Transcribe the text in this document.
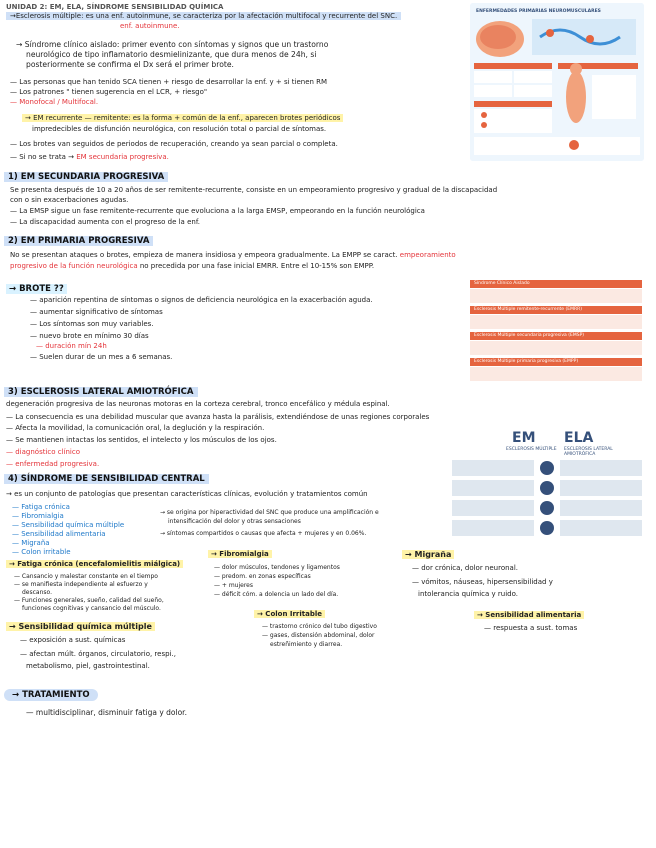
UNIDAD 2: EM, ELA, SÍNDROME SENSIBILIDAD QUÍMICA
→Esclerosis múltiple: es una enf. autoinmune, se caracteriza por la afectación multifocal y recurrente del SNC.
enf. autoinmune.
→ Síndrome clínico aislado: primer evento con síntomas y signos que un trastorno
neurológico de tipo inflamatorio desmielinizante, que dura menos de 24h, si
posteriormente se confirma el Dx será el primer brote.
— Las personas que han tenido SCA tienen + riesgo de desarrollar la enf. y + si tienen RM
— Los patrones " tienen sugerencia en el LCR, + riesgo"
— Monofocal / Multifocal.
→ EM recurrente — remitente: es la forma + común de la enf., aparecen brotes periódicos
impredecibles de disfunción neurológica, con resolución total o parcial de síntomas.
— Los brotes van seguidos de periodos de recuperación, creando ya sean parcial o completa.
— Si no se trata → EM secundaria progresiva.
1) EM SECUNDARIA PROGRESIVA
Se presenta después de 10 a 20 años de ser remitente-recurrente, consiste en un empeoramiento progresivo y gradual de la discapacidad
con o sin exacerbaciones agudas.
— La EMSP sigue un fase remitente-recurrente que evoluciona a la larga EMSP, empeorando en la función neurológica
— La discapacidad aumenta con el progreso de la enf.
2) EM PRIMARIA PROGRESIVA
No se presentan ataques o brotes, empieza de manera insidiosa y empeora gradualmente. La EMPP se caract. empeoramiento
progresivo de la función neurológica no precedida por una fase inicial EMRR. Entre el 10-15% son EMPP.
→ BROTE ??
— aparición repentina de síntomas o signos de deficiencia neurológica en la exacerbación aguda.
— aumentar significativo de síntomas
— Los síntomas son muy variables.
— nuevo brote en mínimo 30 días
— duración mín 24h
— Suelen durar de un mes a 6 semanas.
3) ESCLEROSIS LATERAL AMIOTRÓFICA
degeneración progresiva de las neuronas motoras en la corteza cerebral, tronco encefálico y médula espinal.
— La consecuencia es una debilidad muscular que avanza hasta la parálisis, extendiéndose de unas regiones corporales
— Afecta la movilidad, la comunicación oral, la deglución y la respiración.
— Se mantienen intactas los sentidos, el intelecto y los músculos de los ojos.
— diagnóstico clínico
— enfermedad progresiva.
4) SÍNDROME DE SENSIBILIDAD CENTRAL
→ es un conjunto de patologías que presentan características clínicas, evolución y tratamientos común
— Fatiga crónica
— Fibromialgia
— Sensibilidad química múltiple
— Sensibilidad alimentaria
— Migraña
— Colon irritable
→ se origina por hiperactividad del SNC que produce una amplificación e
intensificación del dolor y otras sensaciones
→ síntomas compartidos o causas que afecta + mujeres y en 0.06%.
→ Fatiga crónica (encefalomielitis miálgica)
— Cansancio y malestar constante en el tiempo
— se manifiesta independiente al esfuerzo y
descanso.
— Funciones generales, sueño, calidad del sueño,
funciones cognitivas y cansancio del músculo.
→ Fibromialgia
— dolor músculos, tendones y ligamentos
— predom. en zonas específicas
— + mujeres
— déficit cóm. a dolencia un lado del día.
→ Colon Irritable
— trastorno crónico del tubo digestivo
— gases, distensión abdominal, dolor
estreñimiento y diarrea.
→ Migraña
— dor crónica, dolor neuronal.
— vómitos, náuseas, hipersensibilidad y
intolerancia química y ruido.
→ Sensibilidad química múltiple
— exposición a sust. químicas
— afectan múlt. órganos, circulatorio, respi.,
metabolismo, piel, gastrointestinal.
→ Sensibilidad alimentaria
— respuesta a sust. tomas
→ TRATAMIENTO
— multidisciplinar, disminuir fatiga y dolor.
ENFERMEDADES PRIMARIAS NEUROMUSCULARES
Síndrome Clínico Aislado
Esclerosis Múltiple remitente-recurrente (EMRR)
Esclerosis Múltiple secundaria progresiva (EMSP)
Esclerosis Múltiple primaria progresiva (EMPP)
EM
ESCLEROSIS MÚLTIPLE
ELA
ESCLEROSIS LATERAL AMIOTRÓFICA
